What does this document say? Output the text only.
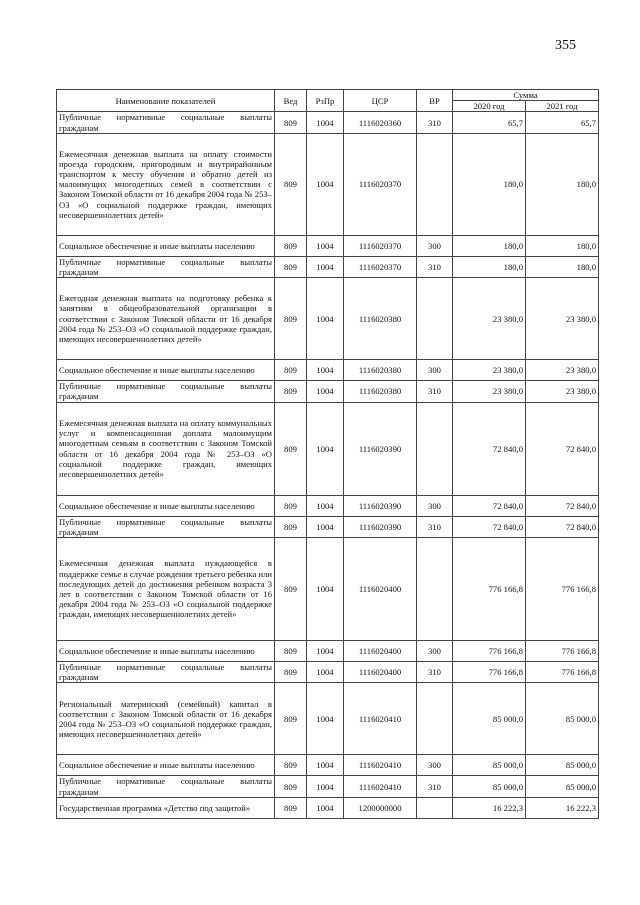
355
Наименование показателей	Вед	РзПр	ЦСР	ВР	Сумма	
					2020 год	2021 год
Публичные нормативные социальные выплаты гражданам	809	1004	1116020360	310	65,7	65,7
Ежемесячная денежная выплата на оплату стоимости проезда городским, пригородным и внутрирайонным транспортом к месту обучения и обратно детей из малоимущих многодетных семей в соответствии с Законом Томской области от 16 декабря 2004 года № 253–ОЗ «О социальной поддержке граждан, имеющих несовершеннолетних детей»	809	1004	1116020370		180,0	180,0
Социальное обеспечение и иные выплаты населению	809	1004	1116020370	300	180,0	180,0
Публичные нормативные социальные выплаты гражданам	809	1004	1116020370	310	180,0	180,0
Ежегодная денежная выплата на подготовку ребенка к занятиям в общеобразовательной организации в соответствии с Законом Томской области от 16 декабря 2004 года № 253–ОЗ «О социальной поддержке граждан, имеющих несовершеннолетних детей»	809	1004	1116020380		23 380,0	23 380,0
Социальное обеспечение и иные выплаты населению	809	1004	1116020380	300	23 380,0	23 380,0
Публичные нормативные социальные выплаты гражданам	809	1004	1116020380	310	23 380,0	23 380,0
Ежемесячная денежная выплата на оплату коммунальных услуг и компенсационная доплата малоимущим многодетным семьям в соответствии с Законом Томской области от 16 декабря 2004 года № 253–ОЗ «О социальной поддержке граждан, имеющих несовершеннолетних детей»	809	1004	1116020390		72 840,0	72 840,0
Социальное обеспечение и иные выплаты населению	809	1004	1116020390	300	72 840,0	72 840,0
Публичные нормативные социальные выплаты гражданам	809	1004	1116020390	310	72 840,0	72 840,0
Ежемесячная денежная выплата нуждающейся в поддержке семье в случае рождения третьего ребенка или последующих детей до достижения ребенком возраста 3 лет в соответствии с Законом Томской области от 16 декабря 2004 года № 253–ОЗ «О социальной поддержке граждан, имеющих несовершеннолетних детей»	809	1004	1116020400		776 166,8	776 166,8
Социальное обеспечение и иные выплаты населению	809	1004	1116020400	300	776 166,8	776 166,8
Публичные нормативные социальные выплаты гражданам	809	1004	1116020400	310	776 166,8	776 166,8
Региональный материнский (семейный) капитал в соответствии с Законом Томской области от 16 декабря 2004 года № 253–ОЗ «О социальной поддержке граждан, имеющих несовершеннолетних детей»	809	1004	1116020410		85 000,0	85 000,0
Социальное обеспечение и иные выплаты населению	809	1004	1116020410	300	85 000,0	85 000,0
Публичные нормативные социальные выплаты гражданам	809	1004	1116020410	310	85 000,0	85 000,0
Государственная программа «Детство под защитой»	809	1004	1200000000		16 222,3	16 222,3
